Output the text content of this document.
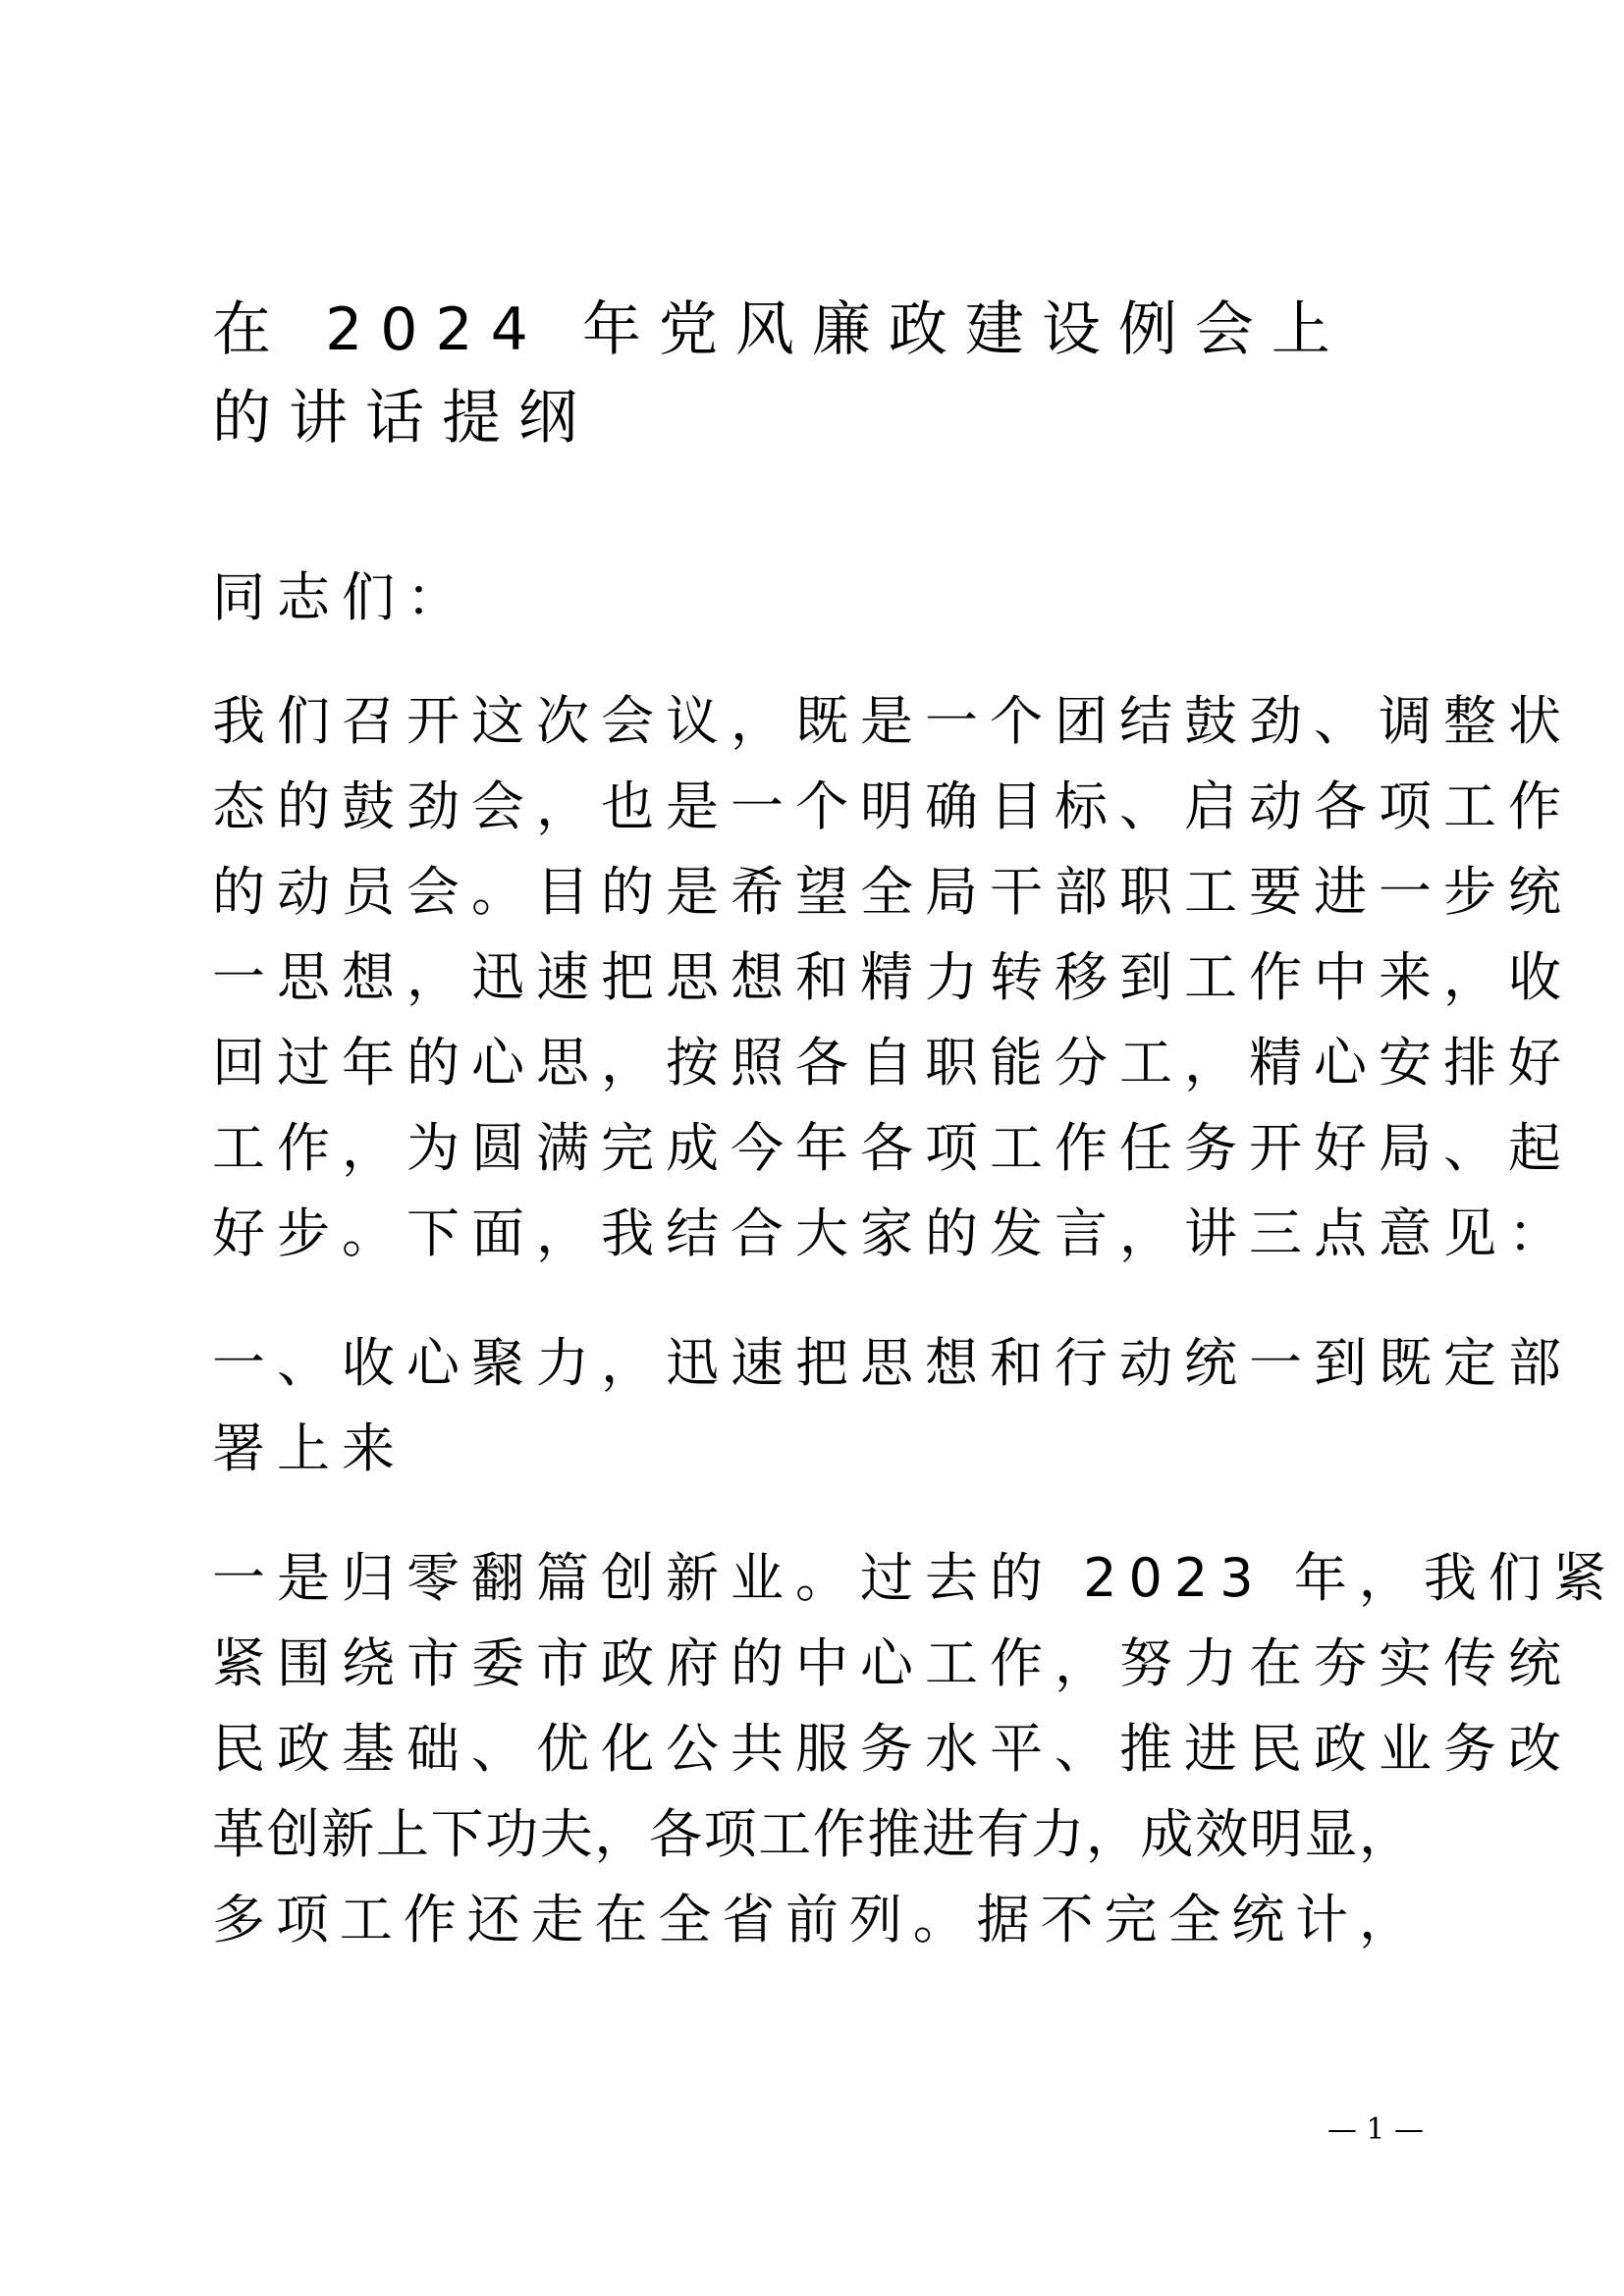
在 2024 年党风廉政建设例会上
的讲话提纲
同志们：
我们召开这次会议，既是一个团结鼓劲、调整状
态的鼓劲会，也是一个明确目标、启动各项工作
的动员会。目的是希望全局干部职工要进一步统
一思想，迅速把思想和精力转移到工作中来，收
回过年的心思，按照各自职能分工，精心安排好
工作，为圆满完成今年各项工作任务开好局、起
好步。下面，我结合大家的发言，讲三点意见：
一、收心聚力，迅速把思想和行动统一到既定部
署上来
一是归零翻篇创新业。过去的 2023 年，我们紧
紧围绕市委市政府的中心工作，努力在夯实传统
民政基础、优化公共服务水平、推进民政业务改
革创新上下功夫，各项工作推进有力，成效明显，
多项工作还走在全省前列。据不完全统计，
— 1 —
